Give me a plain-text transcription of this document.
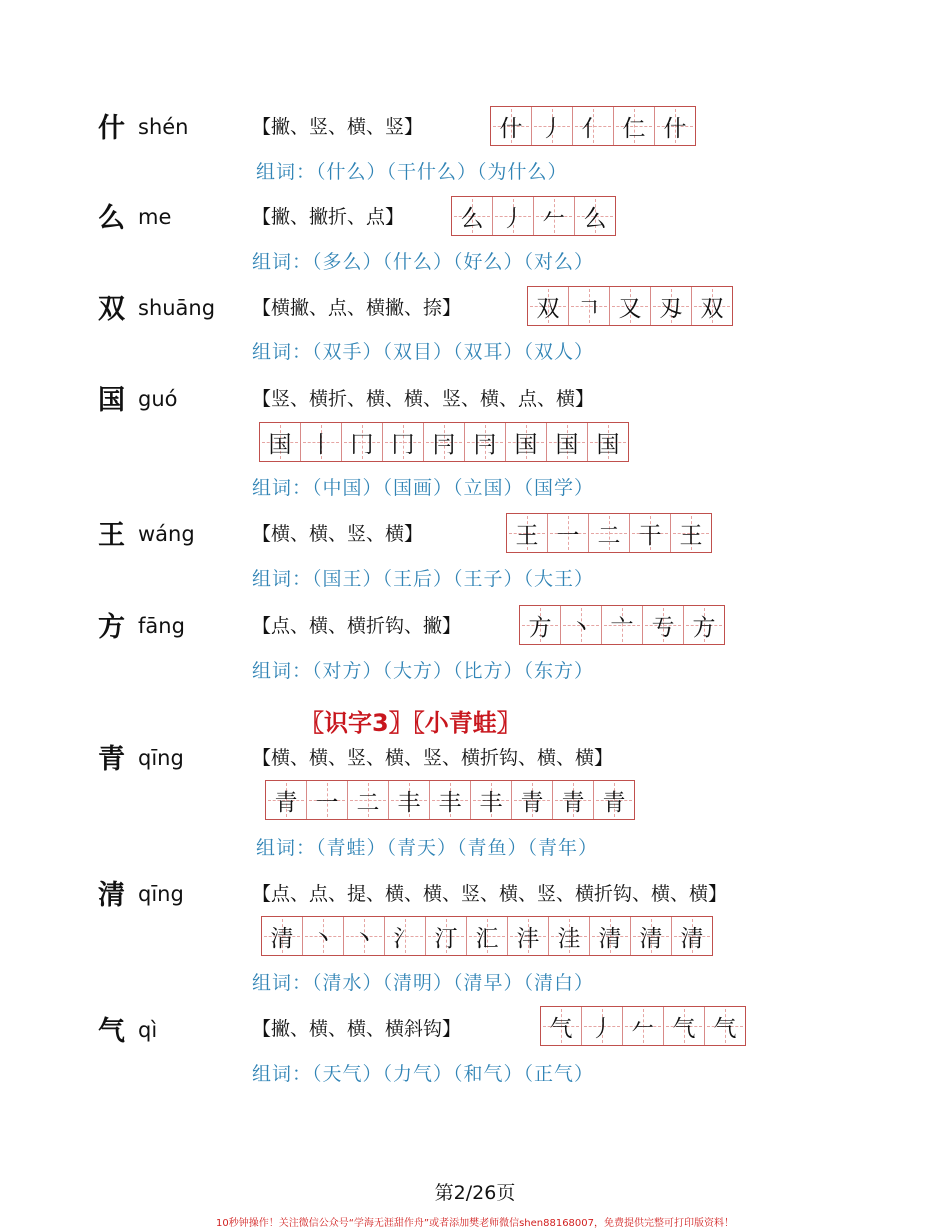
什 shén	【撇、竖、横、竖】	什 丿 亻 仁 什
组词：（什么）（干什么）（为什么）
么 me	【撇、撇折、点】 么 丿 𠂉 么
组词：（多么）（什么）（好么）（对么）
双 shuāng 【横撇、点、横撇、捺】	双 𠃍 又 刄 双
组词：（双手）（双目）（双耳）（双人）
国 guó	【竖、横折、横、横、竖、横、点、横】
国 丨 冂 冂 冃 冃 国 国 国
组词：（中国）（国画）（立国）（国学）
王 wáng	【横、横、竖、横】	王 一 二 干 王
组词：（国王）（王后）（王子）（大王）
方 fāng	【点、横、横折钩、撇】	方 丶 亠 亐 方
组词：（对方）（大方）（比方）（东方）
〖识字3〗〖小青蛙〗
青 qīng	【横、横、竖、横、竖、横折钩、横、横】
青 一 二 丰 丰 丰 青 青 青
组词：（青蛙）（青天）（青鱼）（青年）
清 qīng	【点、点、提、横、横、竖、横、竖、横折钩、横、横】
清 丶 丶 氵 汀 汇 沣 洼 清 清 清
组词：（清水）（清明）（清早）（清白）
气 qì	【撇、横、横、横斜钩】	气 丿 𠂉 气 气
组词：（天气）（力气）（和气）（正气）
第2/26页
10秒钟操作！关注微信公众号“学海无涯甜作舟”或者添加樊老师微信shen88168007，免费提供完整可打印版资料！
